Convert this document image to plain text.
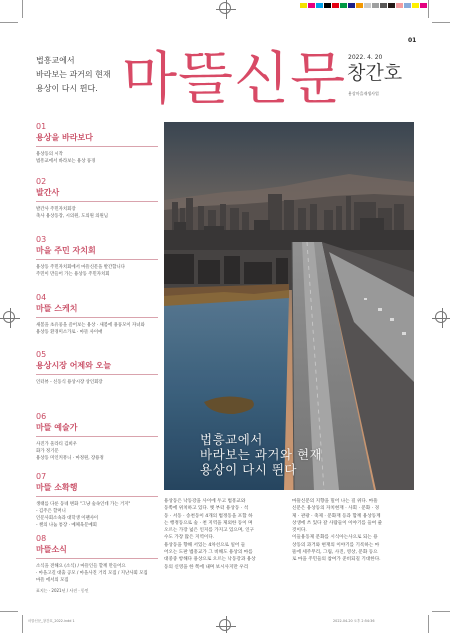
01
법흥교에서
바라보는 과거의 현재
용상이 다시 뛴다. 마뜰신문 2022. 4. 20
창간호
용상마을재생사업
01
용상을 바라보다
용상동의 시작
법흥교에서 바라보는 용상 풍경
02
발간사
발간사 주민자치회장
축사 용상동장, 시의원, 도의원 의원님
03
마을 주민 자치회
용상동 주민자치회에서 마뜰신문을 발간합니다
주민이 만들어 가는 용상동 주민자치회
04
마뜰 스케치
새봄을 초유풍을 즐어보는 용상 · 새봄에 용풍모이 자녀와
용상동 환경미소가로 · 마뜰 사이애
05
용상시장 어제와 오늘
인터뷰 - 신동식 용상시장 상인회장
06
마뜰 예술가
사진가 울라티 김희우
화가 정기문
용상동 미인커뮤니 · 마정원, 장용정
07
마뜰 소확행
생태를 다룬 동네 변화 "그냥 숲속인데 가는 거지"
- 김주은 할머니
인문사회소속과 대학생 이팬사이
- 챈의 나눔 통장 · 예체육문예회
08
마뜰소식
소식을 전해요 (소식) / 마뜰인들 할께 만들어요
· 마을고길 대출 공모 / 마을사진 거리 모집 / 지난사회 모집
마뜰 에서의 모집
표지는 · 2021년 / 사진 · 동인
법흥교에서
바라보는 과거와 현재
용상이 다시 뛴다
용상동은 낙동강을 사이에 두고 법흥교와
동쪽에 위치하고 있다. 옛 부터 용상동 · 석
동 · 서동 · 송천동이 4개의 법정동을 포함 하
는 행정동으로 숲 · 천 지역을 제외한 동이 며
오르는 가장 넓은 인지를 가지고 있으며, 인구
수도 가장 많은 지역이다.
용상동을 향해 서있는 4차선으로 일어 들
어오는 도판 법흥교가 그 비해도 용상의 마를
대중중 항해다 용상으로 오르는 낙동강과 용상
동의 신영을 한 쪽에 내며 보시사지만 우리
마뜰신문의 지향을 밀어 나는 길 위다. 마뜰
신문은 용상동의 자치현재 · 사회 · 문화 · 경
제 · 관광 · 축제 · 문화재 등과 함께 용상동계
상생에 쓰 있다 갈 사람들이 이야기를 들여 줄
것이다.
이들용동제 문화를 시식아는사으로 되는 용
상동의 과거와 현재의 이야기를 기록하는 마
뜰에 세주무리, 그림, 사진, 영상, 문화 등으
로 마을 주민들의 참여가 준비되길 기대한다.
마뜰신문_창간호_2022.indd 1	2022-04-20 오후 2:54:36
